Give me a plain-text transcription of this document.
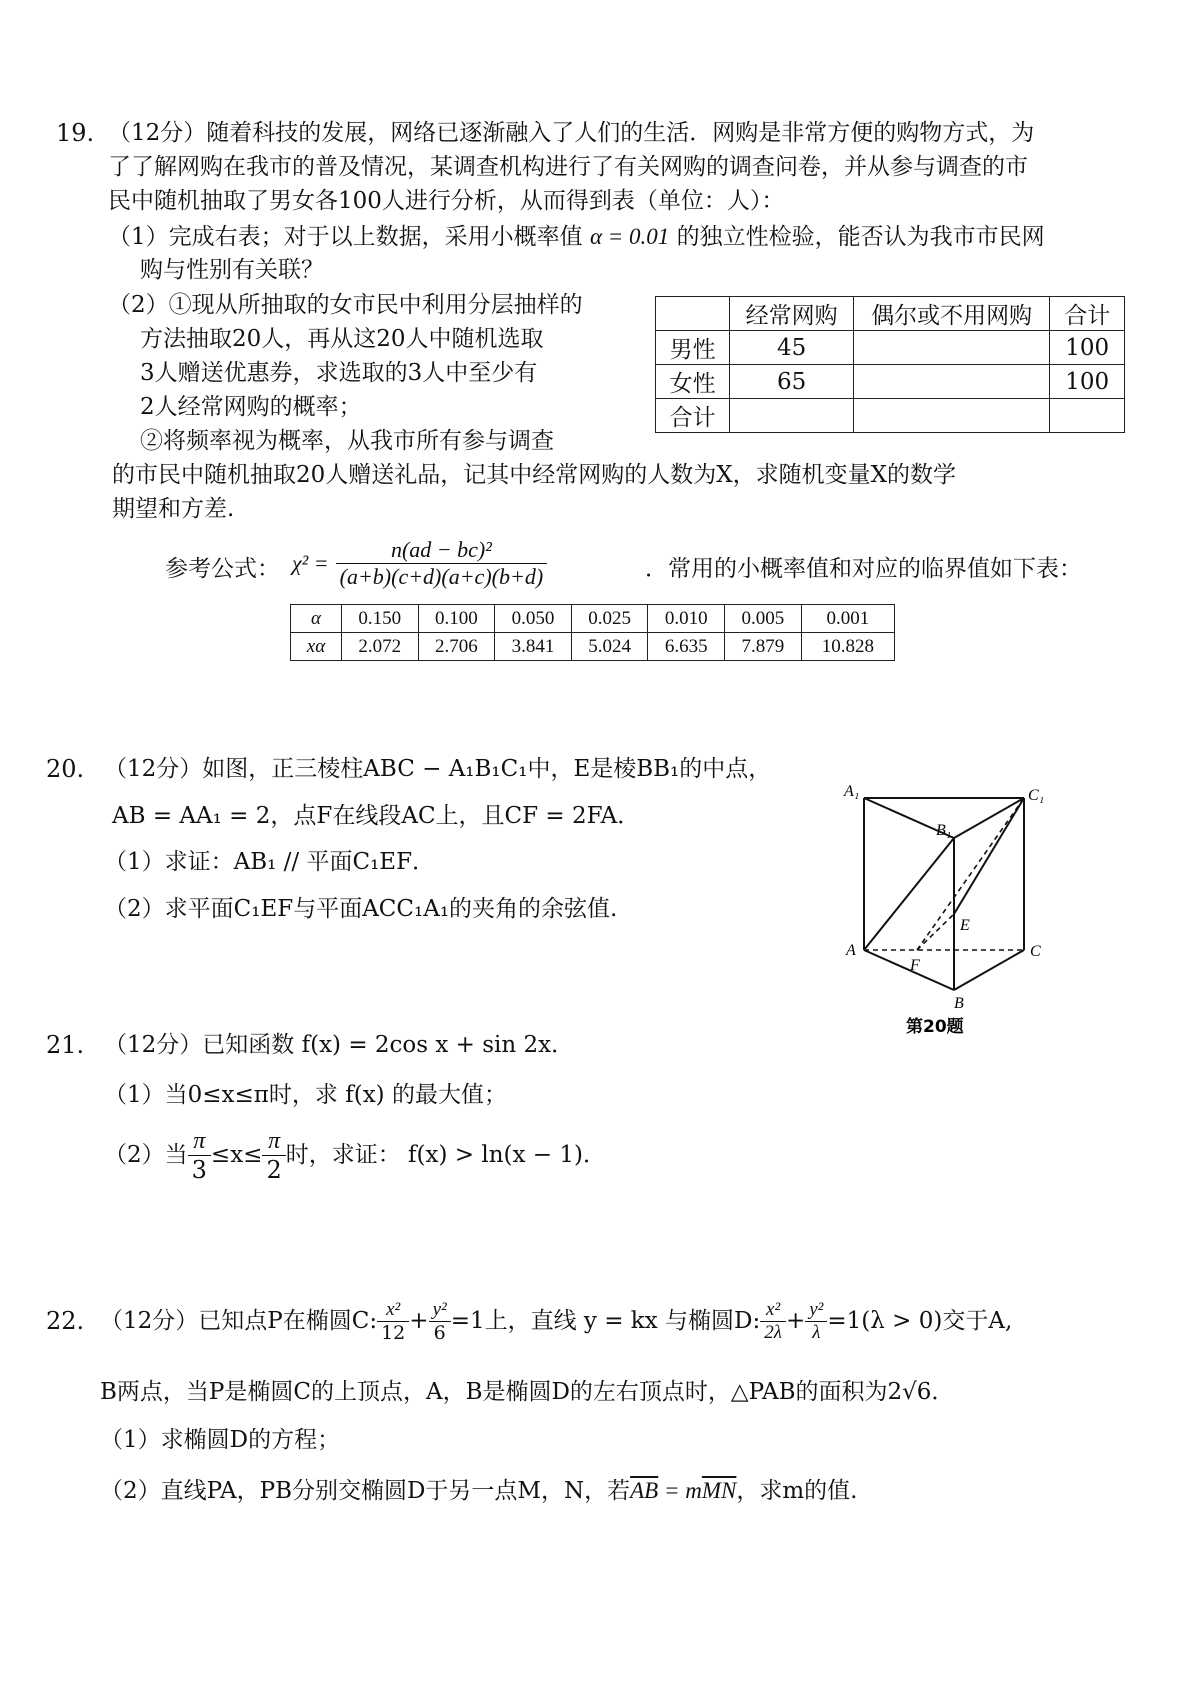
19. （12分）随着科技的发展，网络已逐渐融入了人们的生活．网购是非常方便的购物方式，为
了了解网购在我市的普及情况，某调查机构进行了有关网购的调查问卷，并从参与调查的市
民中随机抽取了男女各100人进行分析，从而得到表（单位：人）：
（1）完成右表；对于以上数据，采用小概率值 α = 0.01 的独立性检验，能否认为我市市民网
购与性别有关联？
（2）①现从所抽取的女市民中利用分层抽样的
方法抽取20人，再从这20人中随机选取
3人赠送优惠券，求选取的3人中至少有
2人经常网购的概率；
②将频率视为概率，从我市所有参与调查
的市民中随机抽取20人赠送礼品，记其中经常网购的人数为X，求随机变量X的数学
期望和方差.
	经常网购	偶尔或不用网购	合计
男性	45		100
女性	65		100
合计			
参考公式： $\chi^2 = \frac{\text{n(ad − bc)²}}{(a+b)(c+d)(a+c)(b+d)}$	．常用的小概率值和对应的临界值如下表：
α	0.150	0.100	0.050	0.025	0.010	0.005	0.001
xα	2.072	2.706	3.841	5.024	6.635	7.879	10.828
20. （12分）如图，正三棱柱ABC − A₁B₁C₁中，E是棱BB₁的中点，
AB = AA₁ = 2，点F在线段AC上，且CF = 2FA．
（1）求证：AB₁ // 平面C₁EF．
（2）求平面C₁EF与平面ACC₁A₁的夹角的余弦值.
A₁	C₁
B₁
E
A
F
C
B
第20题
21. （12分）已知函数 f(x) = 2cos x + sin 2x．
（1）当0≤x≤π时，求 f(x) 的最大值；
（2）当 $\frac{\pi}{3} \le x\le \frac{\pi}{2}$ 时，求证： f(x) > ln(x − 1)．
22. （12分）已知点P在椭圆C: $\frac{\text{x²}}{12} + \frac{\text{y²}}{6} =1$上，直线 y = kx 与椭圆D: $\frac{\text{x²}}{2\lambda} + \frac{\text{y²}}{\lambda} =1(\lambda > 0)$交于A,
B两点，当P是椭圆C的上顶点，A，B是椭圆D的左右顶点时，△PAB的面积为2√6．
（1）求椭圆D的方程；
（2）直线PA，PB分别交椭圆D于另一点M，N，若$\overline{AB} = m\overline{MN}$，求m的值.
